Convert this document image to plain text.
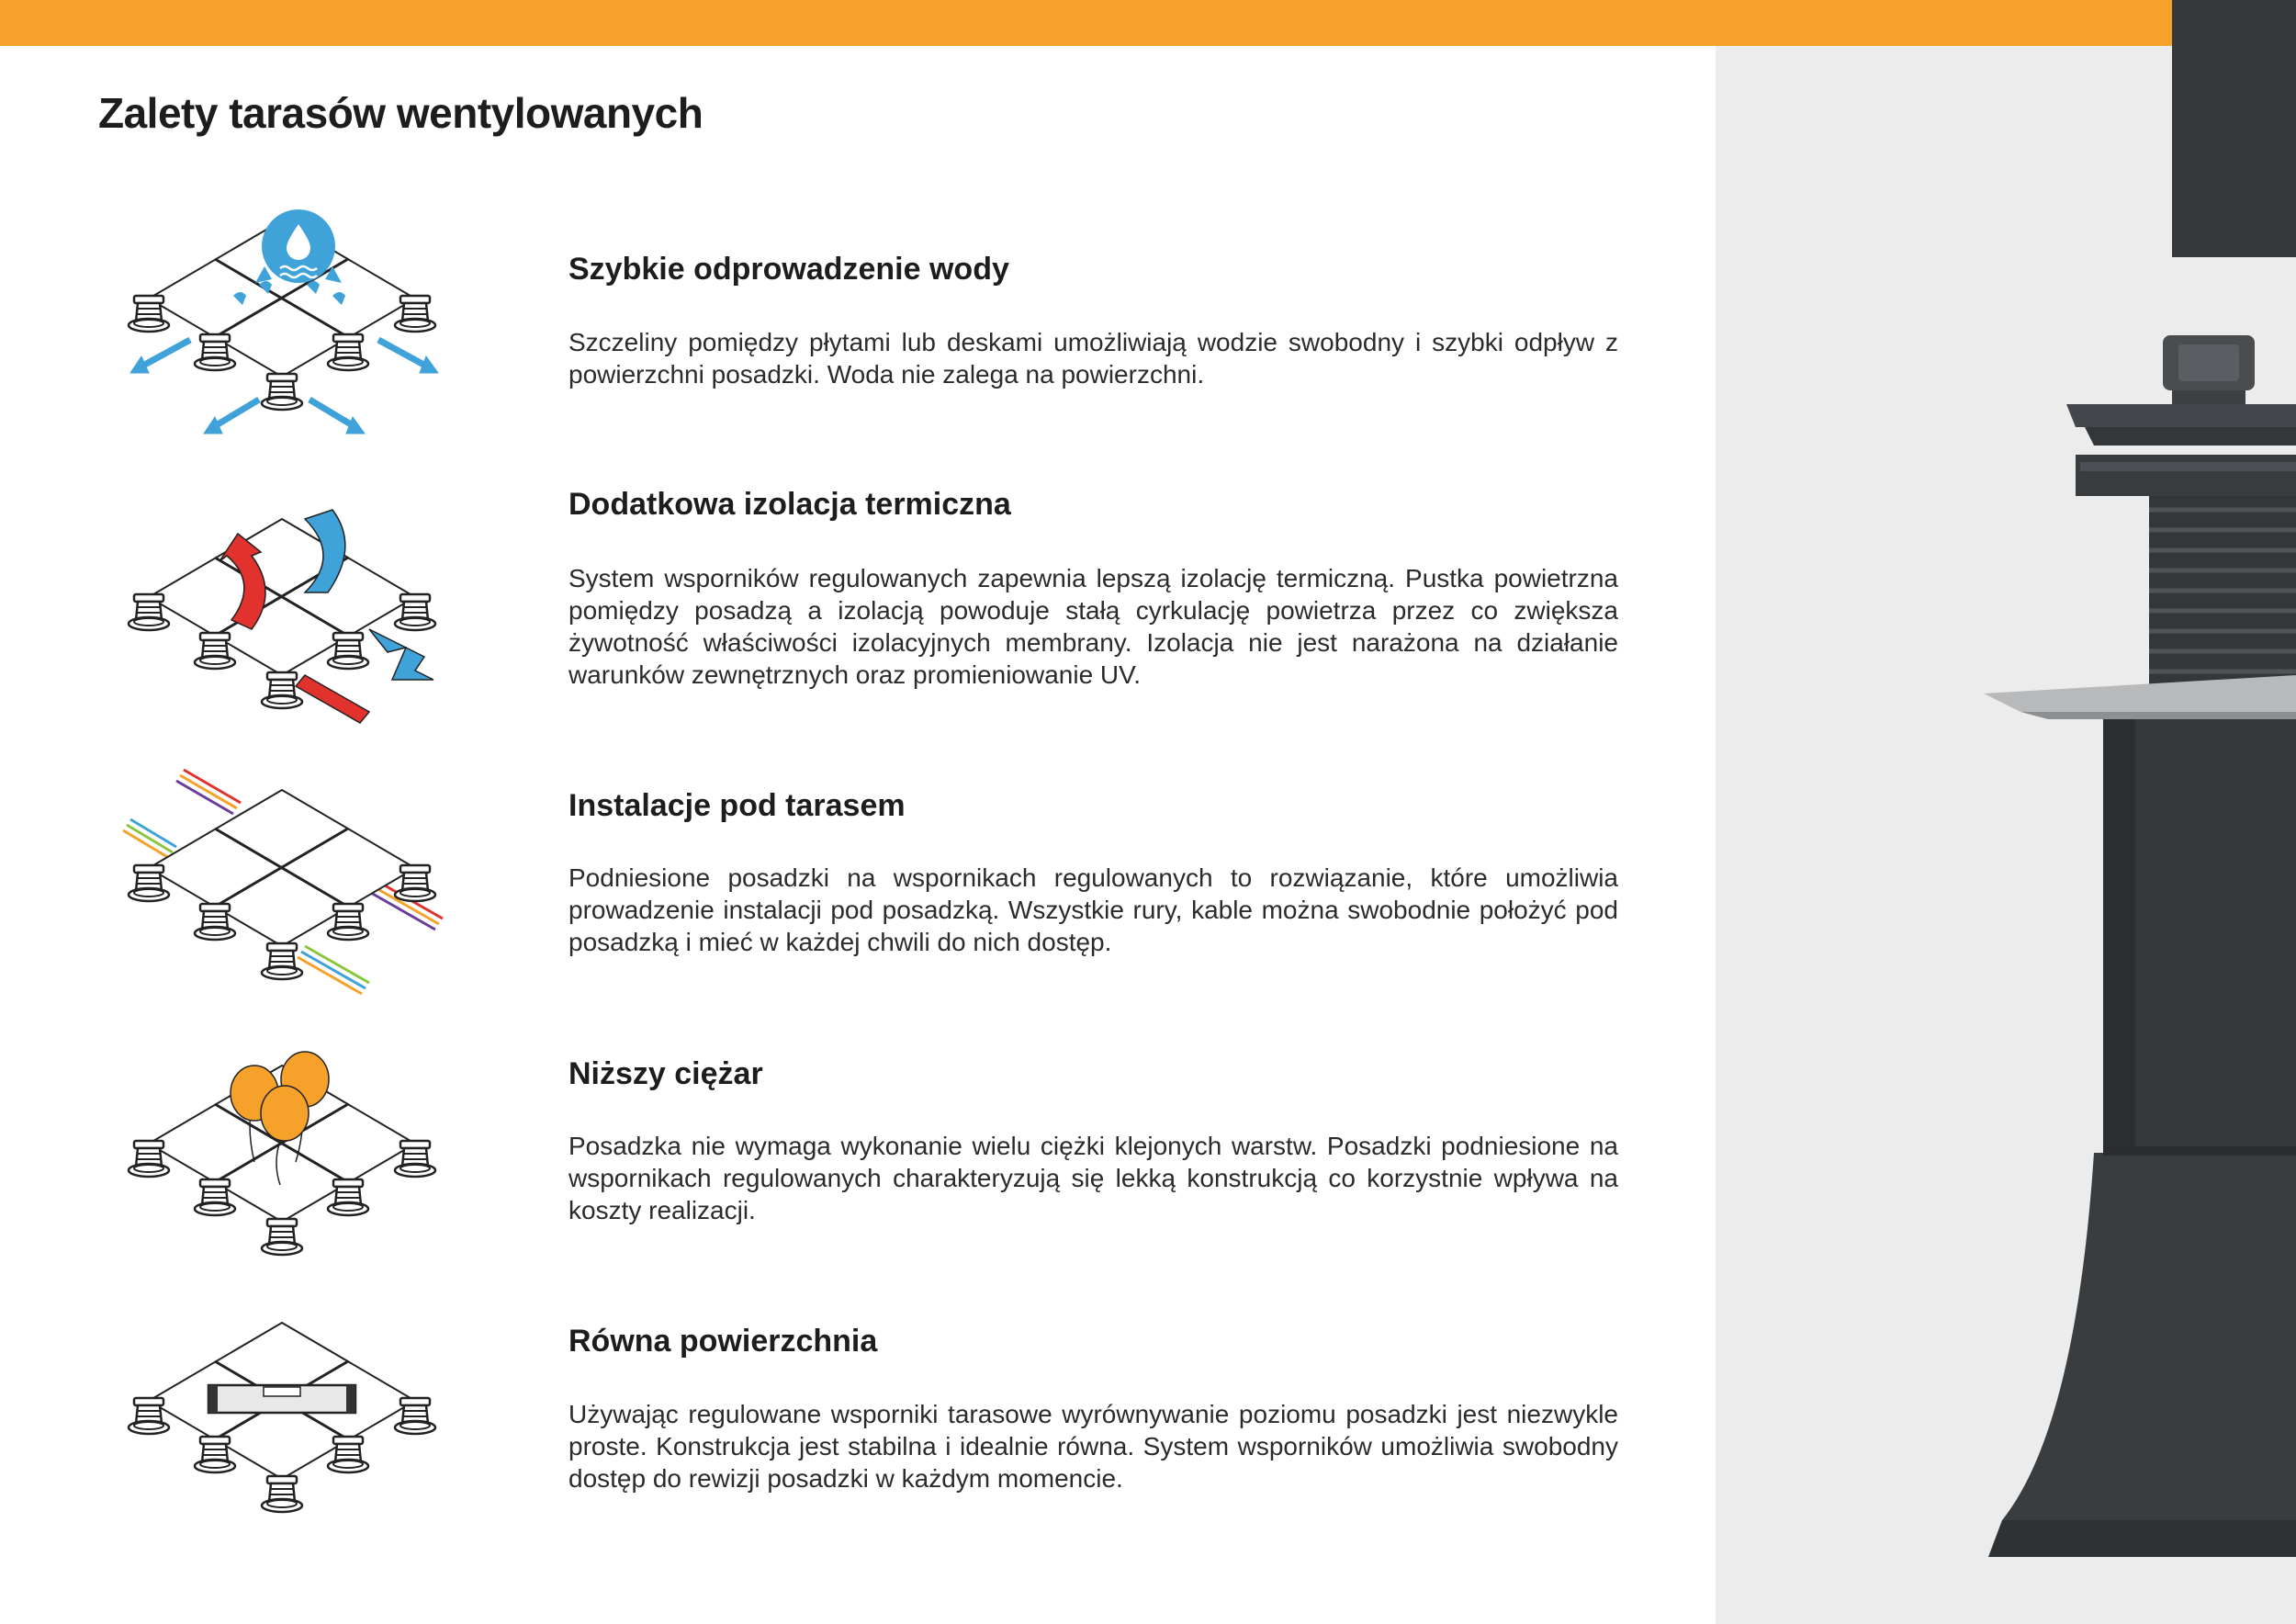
Zalety tarasów wentylowanych
Szybkie odprowadzenie wody

Szczeliny pomiędzy płytami lub deskami umożliwiają wodzie swobodny i szybki odpływ z powierzchni posadzki. Woda nie zalega na powierzchni.

Dodatkowa izolacja termiczna

System wsporników regulowanych zapewnia lepszą izolację termiczną. Pustka powietrzna pomiędzy posadzą a izolacją powoduje stałą cyrkulację powietrza przez co zwiększa żywotność właściwości izolacyjnych membrany. Izolacja nie jest narażona na działanie warunków zewnętrznych oraz promieniowanie UV.

Instalacje pod tarasem

Podniesione posadzki na wspornikach regulowanych to rozwiązanie, które umożliwia prowadzenie instalacji pod posadzką. Wszystkie rury, kable można swobodnie położyć pod posadzką i mieć w każdej chwili do nich dostęp.

Niższy ciężar

Posadzka nie wymaga wykonanie wielu ciężki klejonych warstw. Posadzki podniesione na wspornikach regulowanych charakteryzują się lekką konstrukcją co korzystnie wpływa na koszty realizacji.

Równa powierzchnia

Używając regulowane wsporniki tarasowe wyrównywanie poziomu posadzki jest niezwykle proste. Konstrukcja jest stabilna i idealnie równa. System wsporników umożliwia swobodny dostęp do rewizji posadzki w każdym momencie.
